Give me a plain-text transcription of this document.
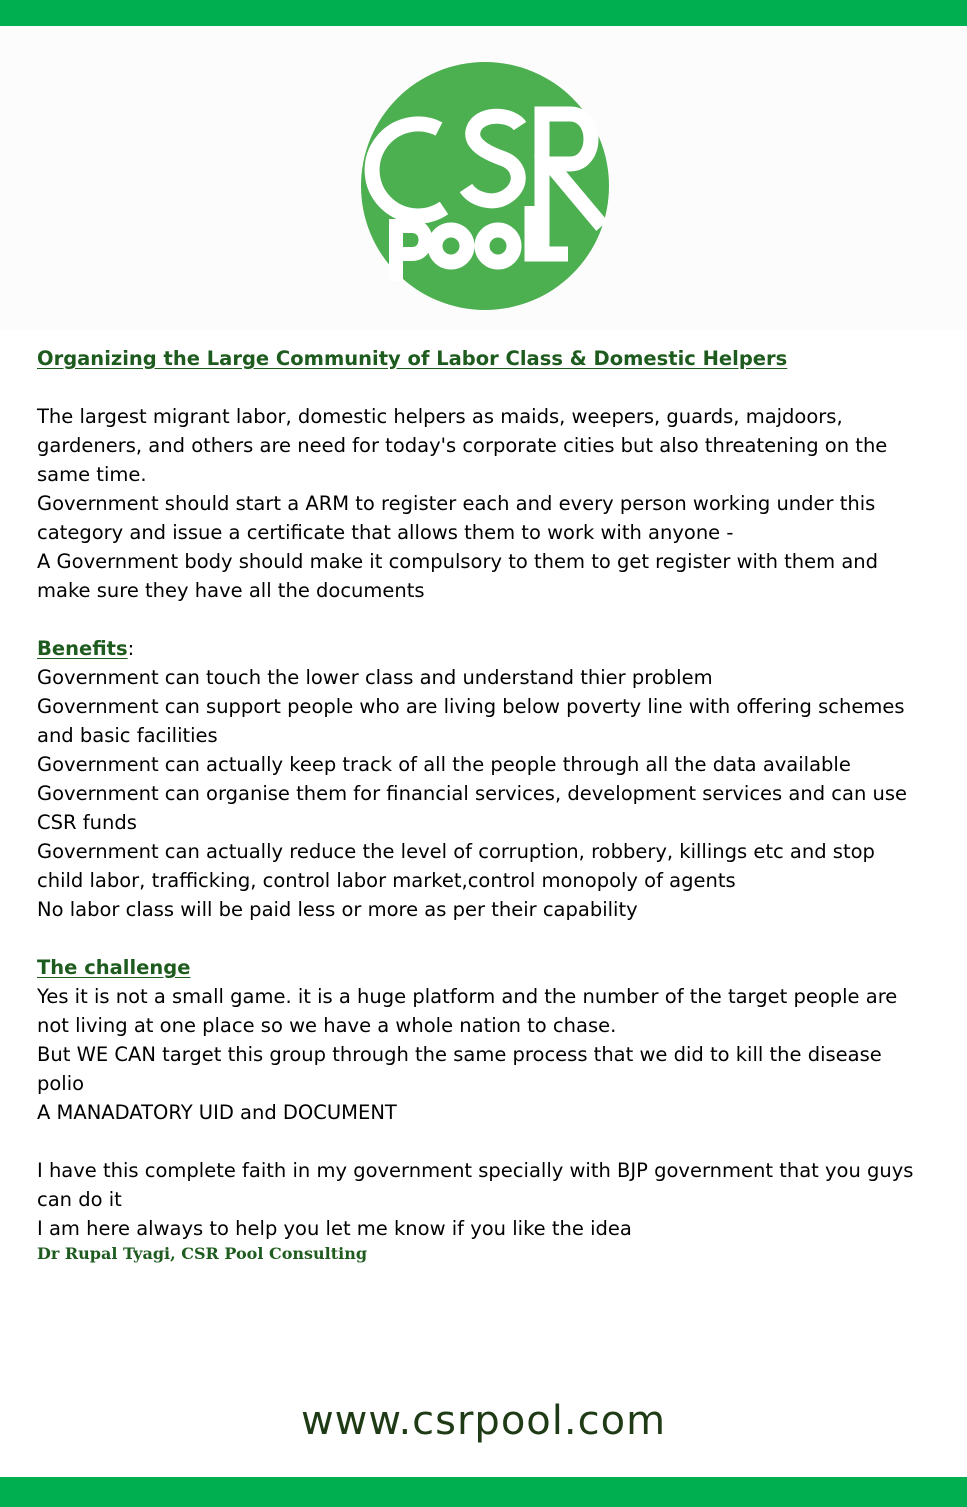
Organizing the Large Community of Labor Class & Domestic Helpers

The largest migrant labor, domestic helpers as maids, weepers, guards, majdoors, gardeners, and others are need for today's corporate cities but also threatening on the same time.

Government should start a ARM to register each and every person working under this category and issue a certificate that allows them to work with anyone -

A Government body should make it compulsory to them to get register with them and make sure they have all the documents

Benefits:

Government can touch the lower class and understand thier problem

Government can support people who are living below poverty line with offering schemes and basic facilities

Government can actually keep track of all the people through all the data available

Government can organise them for financial services, development services and can use CSR funds

Government can actually reduce the level of corruption, robbery, killings etc and stop child labor, trafficking, control labor market,control monopoly of agents

No labor class will be paid less or more as per their capability

The challenge

Yes it is not a small game. it is a huge platform and the number of the target people are not living at one place so we have a whole nation to chase.

But WE CAN target this group through the same process that we did to kill the disease polio

A MANADATORY UID and DOCUMENT

I have this complete faith in my government specially with BJP government that you guys can do it

I am here always to help you let me know if you like the idea

Dr Rupal Tyagi, CSR Pool Consulting

www.csrpool.com
